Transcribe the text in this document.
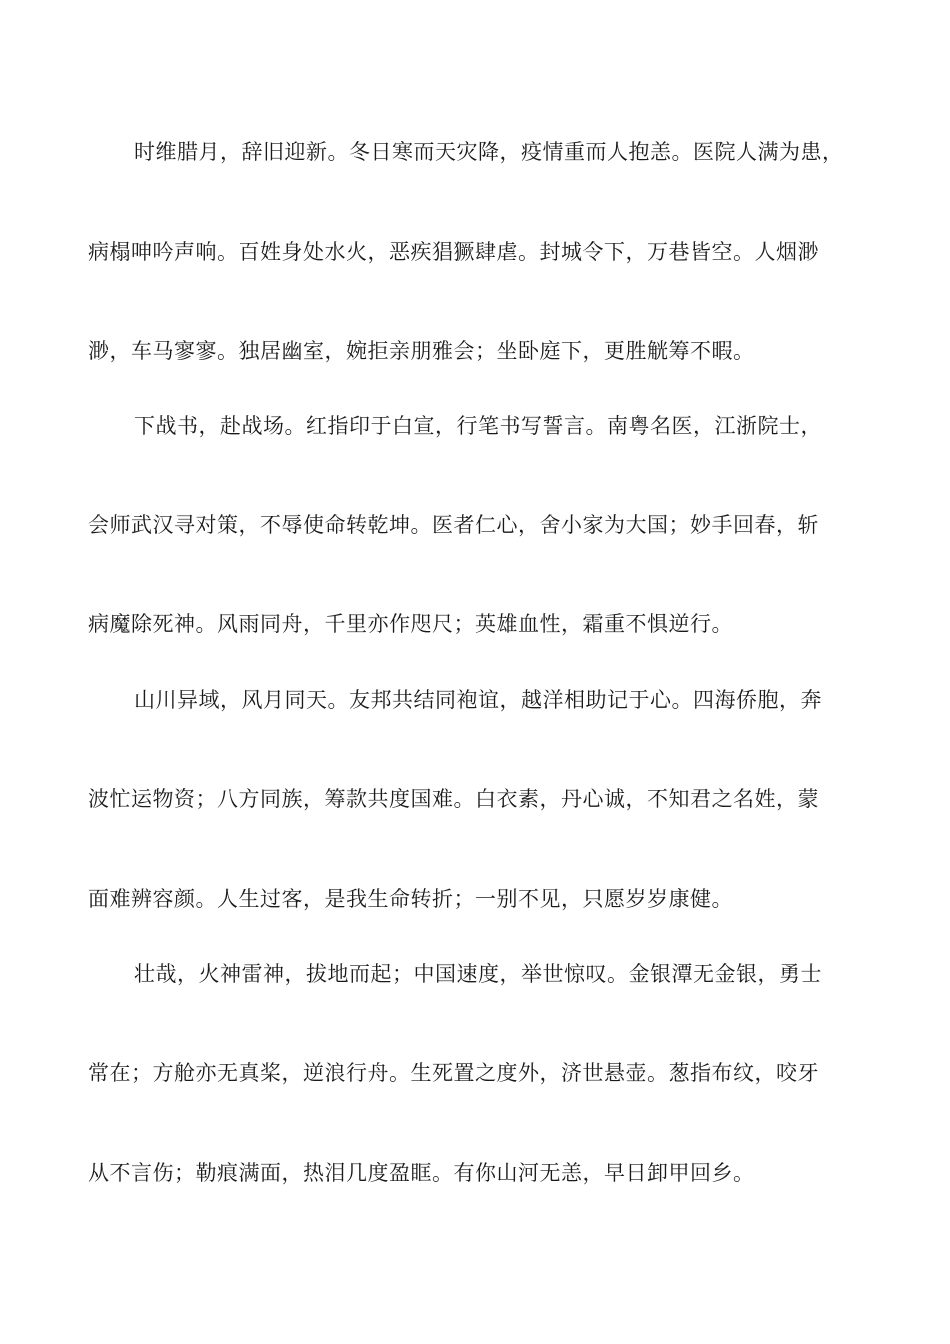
时维腊月，辞旧迎新。冬日寒而天灾降，疫情重而人抱恙。医院人满为患，
病榻呻吟声响。百姓身处水火，恶疾猖獗肆虐。封城令下，万巷皆空。人烟渺
渺，车马寥寥。独居幽室，婉拒亲朋雅会；坐卧庭下，更胜觥筹不暇。
下战书，赴战场。红指印于白宣，行笔书写誓言。南粤名医，江浙院士，
会师武汉寻对策，不辱使命转乾坤。医者仁心，舍小家为大国；妙手回春，斩
病魔除死神。风雨同舟，千里亦作咫尺；英雄血性，霜重不惧逆行。
山川异域，风月同天。友邦共结同袍谊，越洋相助记于心。四海侨胞，奔
波忙运物资；八方同族，筹款共度国难。白衣素，丹心诚，不知君之名姓，蒙
面难辨容颜。人生过客，是我生命转折；一别不见，只愿岁岁康健。
壮哉，火神雷神，拔地而起；中国速度，举世惊叹。金银潭无金银，勇士
常在；方舱亦无真桨，逆浪行舟。生死置之度外，济世悬壶。葱指布纹，咬牙
从不言伤；勒痕满面，热泪几度盈眶。有你山河无恙，早日卸甲回乡。
